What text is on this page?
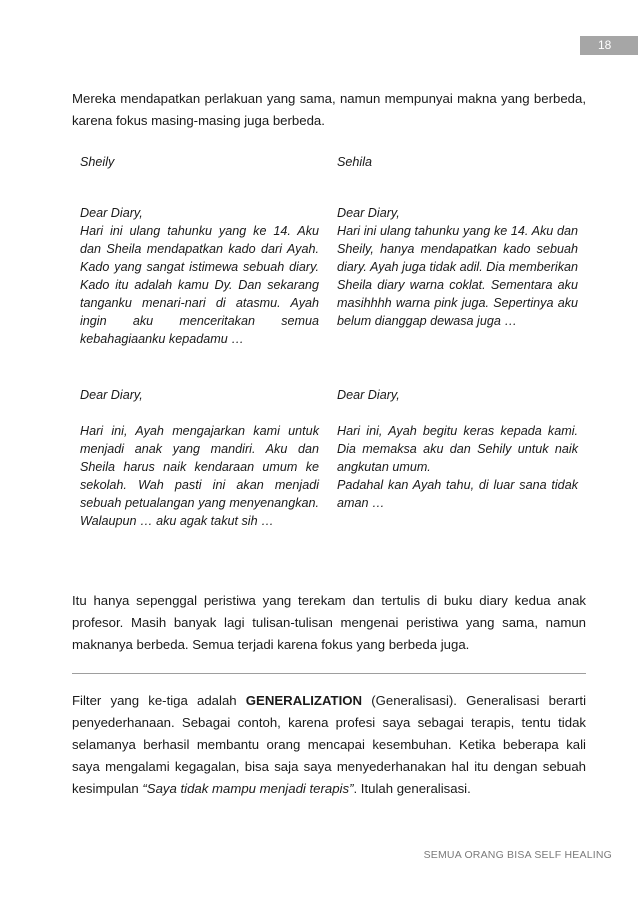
18

Mereka mendapatkan perlakuan yang sama, namun mempunyai makna yang berbeda, karena fokus masing-masing juga berbeda.

Sheily	Sehila

Dear Diary,
Hari ini ulang tahunku yang ke 14. Aku dan Sheila mendapatkan kado dari Ayah. Kado yang sangat istimewa sebuah diary. Kado itu adalah kamu Dy. Dan sekarang tanganku menari-nari di atasmu. Ayah ingin aku menceritakan semua kebahagiaanku kepadamu …

Dear Diary,
Hari ini ulang tahunku yang ke 14. Aku dan Sheily, hanya mendapatkan kado sebuah diary. Ayah juga tidak adil. Dia memberikan Sheila diary warna coklat. Sementara aku masihhhh warna pink juga. Sepertinya aku belum dianggap dewasa juga …

Dear Diary,

Hari ini, Ayah mengajarkan kami untuk menjadi anak yang mandiri. Aku dan Sheila harus naik kendaraan umum ke sekolah. Wah pasti ini akan menjadi sebuah petualangan yang menyenangkan. Walaupun … aku agak takut sih …

Dear Diary,

Hari ini, Ayah begitu keras kepada kami. Dia memaksa aku dan Sehily untuk naik angkutan umum.
Padahal kan Ayah tahu, di luar sana tidak aman …

Itu hanya sepenggal peristiwa yang terekam dan tertulis di buku diary kedua anak profesor. Masih banyak lagi tulisan-tulisan mengenai peristiwa yang sama, namun maknanya berbeda. Semua terjadi karena fokus yang berbeda juga.

Filter yang ke-tiga adalah GENERALIZATION (Generalisasi). Generalisasi berarti penyederhanaan. Sebagai contoh, karena profesi saya sebagai terapis, tentu tidak selamanya berhasil membantu orang mencapai kesembuhan. Ketika beberapa kali saya mengalami kegagalan, bisa saja saya menyederhanakan hal itu dengan sebuah kesimpulan “Saya tidak mampu menjadi terapis”. Itulah generalisasi.

SEMUA ORANG BISA SELF HEALING
